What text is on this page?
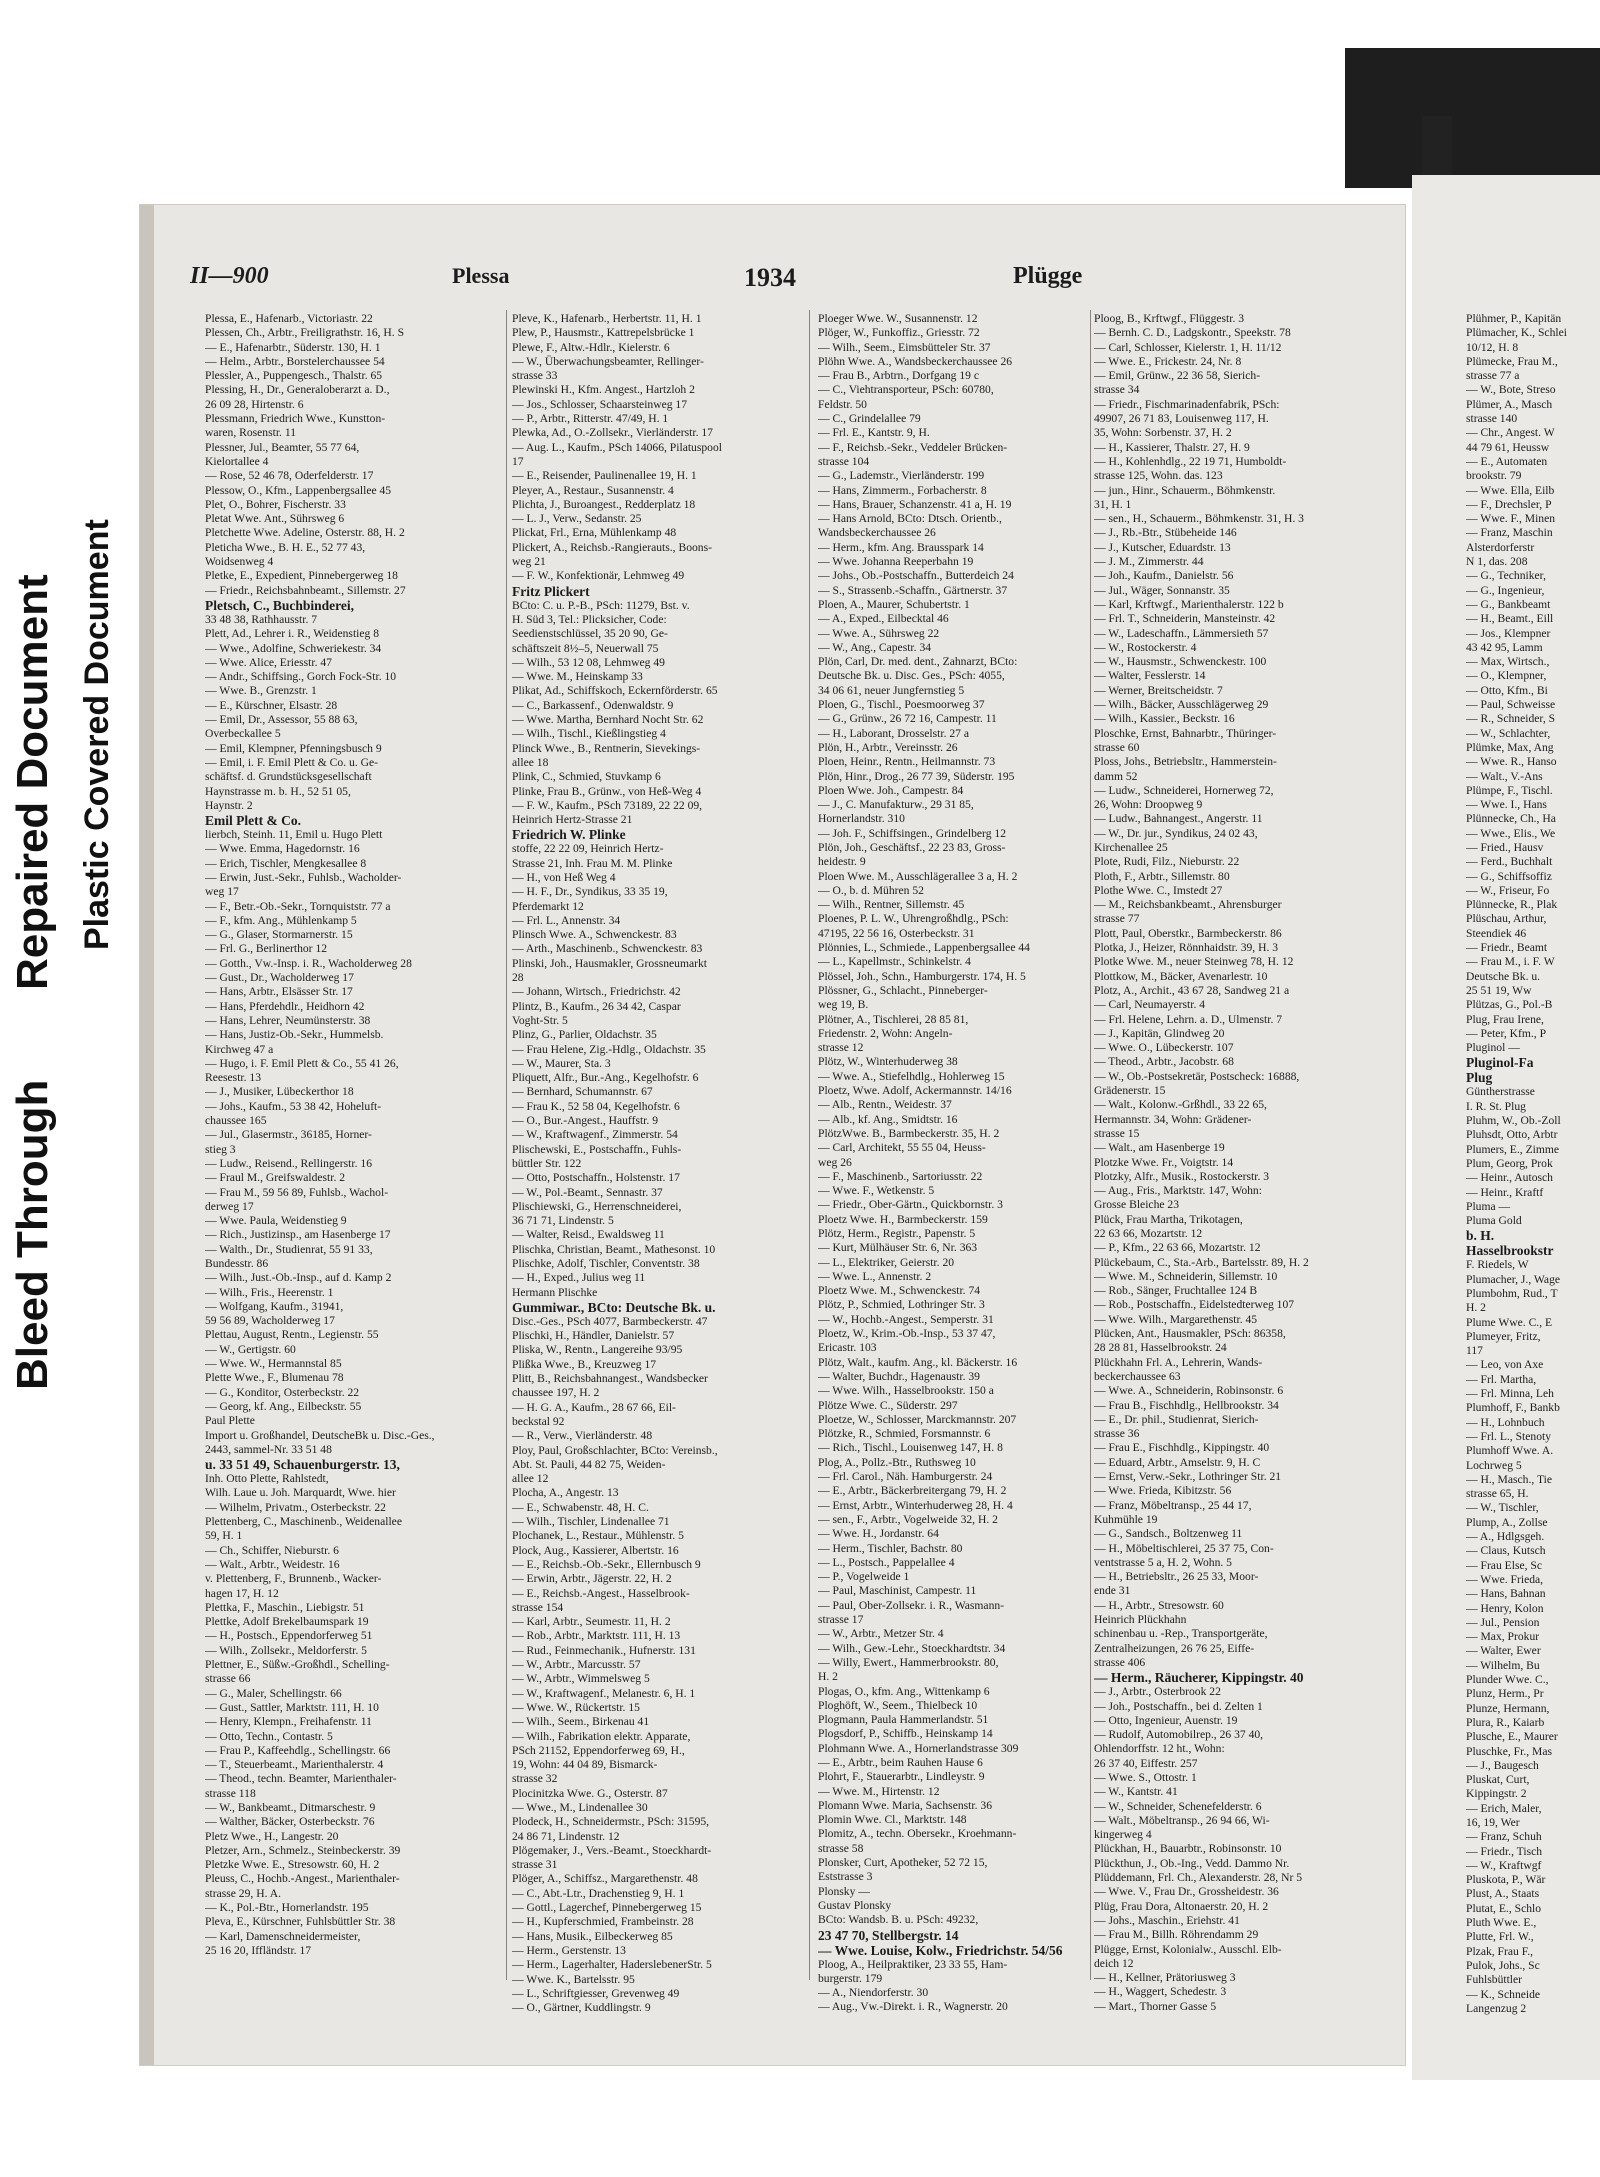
Bleed Through
Repaired Document Plastic Covered Document
II—900	Plessa	1934	Plügge

Plessa, E., Hafenarb., Victoriastr. 22

Plessen, Ch., Arbtr., Freiligrathstr. 16, H. S

— E., Hafenarbtr., Süderstr. 130, H. 1

— Helm., Arbtr., Borstelerchaussee 54

Plessler, A., Puppengesch., Thalstr. 65

Plessing, H., Dr., Generaloberarzt a. D.,

26 09 28, Hirtenstr. 6

Plessmann, Friedrich Wwe., Kunstton-

waren, Rosenstr. 11

Plessner, Jul., Beamter, 55 77 64,

Kielortallee 4

— Rose, 52 46 78, Oderfelderstr. 17

Plessow, O., Kfm., Lappenbergsallee 45

Plet, O., Bohrer, Fischerstr. 33

Pletat Wwe. Ant., Sührsweg 6

Pletchette Wwe. Adeline, Osterstr. 88, H. 2

Pleticha Wwe., B. H. E., 52 77 43,

Woidsenweg 4

Pletke, E., Expedient, Pinnebergerweg 18

— Friedr., Reichsbahnbeamt., Sillemstr. 27

Pletsch, C., Buchbinderei,

33 48 38, Rathhausstr. 7

Plett, Ad., Lehrer i. R., Weidenstieg 8

— Wwe., Adolfine, Schweriekestr. 34

— Wwe. Alice, Eriesstr. 47

— Andr., Schiffsing., Gorch Fock-Str. 10

— Wwe. B., Grenzstr. 1

— E., Kürschner, Elsastr. 28

— Emil, Dr., Assessor, 55 88 63,

Overbeckallee 5

— Emil, Klempner, Pfenningsbusch 9

— Emil, i. F. Emil Plett & Co. u. Ge-

schäftsf. d. Grundstücksgesellschaft

Haynstrasse m. b. H., 52 51 05,

Haynstr. 2

Emil Plett & Co.

lierbch, Steinh. 11, Emil u. Hugo Plett

— Wwe. Emma, Hagedornstr. 16

— Erich, Tischler, Mengkesallee 8

— Erwin, Just.-Sekr., Fuhlsb., Wacholder-

weg 17

— F., Betr.-Ob.-Sekr., Tornquiststr. 77 a

— F., kfm. Ang., Mühlenkamp 5

— G., Glaser, Stormarnerstr. 15

— Frl. G., Berlinerthor 12

— Gotth., Vw.-Insp. i. R., Wacholderweg 28

— Gust., Dr., Wacholderweg 17

— Hans, Arbtr., Elsässer Str. 17

— Hans, Pferdehdlr., Heidhorn 42

— Hans, Lehrer, Neumünsterstr. 38

— Hans, Justiz-Ob.-Sekr., Hummelsb.

Kirchweg 47 a

— Hugo, i. F. Emil Plett & Co., 55 41 26,

Reesestr. 13

— J., Musiker, Lübeckerthor 18

— Johs., Kaufm., 53 38 42, Hoheluft-

chaussee 165

— Jul., Glasermstr., 36185, Horner-

stieg 3

— Ludw., Reisend., Rellingerstr. 16

— Fraul M., Greifswaldestr. 2

— Frau M., 59 56 89, Fuhlsb., Wachol-

derweg 17

— Wwe. Paula, Weidenstieg 9

— Rich., Justizinsp., am Hasenberge 17

— Walth., Dr., Studienrat, 55 91 33,

Bundesstr. 86

— Wilh., Just.-Ob.-Insp., auf d. Kamp 2

— Wilh., Fris., Heerenstr. 1

— Wolfgang, Kaufm., 31941,

59 56 89, Wacholderweg 17

Plettau, August, Rentn., Legienstr. 55

— W., Gertigstr. 60

— Wwe. W., Hermannstal 85

Plette Wwe., F., Blumenau 78

— G., Konditor, Osterbeckstr. 22

— Georg, kf. Ang., Eilbeckstr. 55

Paul Plette

Import u. Großhandel, DeutscheBk u. Disc.-Ges.,

2443, sammel-Nr. 33 51 48

u. 33 51 49, Schauenburgerstr. 13,

Inh. Otto Plette, Rahlstedt,

Wilh. Laue u. Joh. Marquardt, Wwe. hier

— Wilhelm, Privatm., Osterbeckstr. 22

Plettenberg, C., Maschinenb., Weidenallee

59, H. 1

— Ch., Schiffer, Nieburstr. 6

— Walt., Arbtr., Weidestr. 16

v. Plettenberg, F., Brunnenb., Wacker-

hagen 17, H. 12

Plettka, F., Maschin., Liebigstr. 51

Plettke, Adolf Brekelbaumspark 19

— H., Postsch., Eppendorferweg 51

— Wilh., Zollsekr., Meldorferstr. 5

Plettner, E., Süßw.-Großhdl., Schelling-

strasse 66

— G., Maler, Schellingstr. 66

— Gust., Sattler, Marktstr. 111, H. 10

— Henry, Klempn., Freihafenstr. 11

— Otto, Techn., Contastr. 5

— Frau P., Kaffeehdlg., Schellingstr. 66

— T., Steuerbeamt., Marienthalerstr. 4

— Theod., techn. Beamter, Marienthaler-

strasse 118

— W., Bankbeamt., Ditmarschestr. 9

— Walther, Bäcker, Osterbeckstr. 76

Pletz Wwe., H., Langestr. 20

Pletzer, Arn., Schmelz., Steinbeckerstr. 39

Pletzke Wwe. E., Stresowstr. 60, H. 2

Pleuss, C., Hochb.-Angest., Marienthaler-

strasse 29, H. A.

— K., Pol.-Btr., Hornerlandstr. 195

Pleva, E., Kürschner, Fuhlsbüttler Str. 38

— Karl, Damenschneidermeister,

25 16 20, Iffländstr. 17

Pleve, K., Hafenarb., Herbertstr. 11, H. 1

Plew, P., Hausmstr., Kattrepelsbrücke 1

Plewe, F., Altw.-Hdlr., Kielerstr. 6

— W., Überwachungsbeamter, Rellinger-

strasse 33

Plewinski H., Kfm. Angest., Hartzloh 2

— Jos., Schlosser, Schaarsteinweg 17

— P., Arbtr., Ritterstr. 47/49, H. 1

Plewka, Ad., O.-Zollsekr., Vierländerstr. 17

— Aug. L., Kaufm., PSch 14066, Pilatuspool

17

— E., Reisender, Paulinenallee 19, H. 1

Pleyer, A., Restaur., Susannenstr. 4

Plichta, J., Buroangest., Redderplatz 18

— L. J., Verw., Sedanstr. 25

Plickat, Frl., Erna, Mühlenkamp 48

Plickert, A., Reichsb.-Rangierauts., Boons-

weg 21

— F. W., Konfektionär, Lehmweg 49

Fritz Plickert

BCto: C. u. P.-B., PSch: 11279, Bst. v.

H. Süd 3, Tel.: Plicksicher, Code:

Seedienstschlüssel, 35 20 90, Ge-

schäftszeit 8½–5, Neuerwall 75

— Wilh., 53 12 08, Lehmweg 49

— Wwe. M., Heinskamp 33

Plikat, Ad., Schiffskoch, Eckernförderstr. 65

— C., Barkassenf., Odenwaldstr. 9

— Wwe. Martha, Bernhard Nocht Str. 62

— Wilh., Tischl., Kießlingstieg 4

Plinck Wwe., B., Rentnerin, Sievekings-

allee 18

Plink, C., Schmied, Stuvkamp 6

Plinke, Frau B., Grünw., von Heß-Weg 4

— F. W., Kaufm., PSch 73189, 22 22 09,

Heinrich Hertz-Strasse 21

Friedrich W. Plinke

stoffe, 22 22 09, Heinrich Hertz-

Strasse 21, Inh. Frau M. M. Plinke

— H., von Heß Weg 4

— H. F., Dr., Syndikus, 33 35 19,

Pferdemarkt 12

— Frl. L., Annenstr. 34

Plinsch Wwe. A., Schwenckestr. 83

— Arth., Maschinenb., Schwenckestr. 83

Plinski, Joh., Hausmakler, Grossneumarkt

28

— Johann, Wirtsch., Friedrichstr. 42

Plintz, B., Kaufm., 26 34 42, Caspar

Voght-Str. 5

Plinz, G., Parlier, Oldachstr. 35

— Frau Helene, Zig.-Hdlg., Oldachstr. 35

— W., Maurer, Sta. 3

Pliquett, Alfr., Bur.-Ang., Kegelhofstr. 6

— Bernhard, Schumannstr. 67

— Frau K., 52 58 04, Kegelhofstr. 6

— O., Bur.-Angest., Hauffstr. 9

— W., Kraftwagenf., Zimmerstr. 54

Plischewski, E., Postschaffn., Fuhls-

büttler Str. 122

— Otto, Postschaffn., Holstenstr. 17

— W., Pol.-Beamt., Sennastr. 37

Plischiewski, G., Herrenschneiderei,

36 71 71, Lindenstr. 5

— Walter, Reisd., Ewaldsweg 11

Plischka, Christian, Beamt., Mathesonst. 10

Plischke, Adolf, Tischler, Conventstr. 38

— H., Exped., Julius weg 11

Hermann Plischke

Gummiwar., BCto: Deutsche Bk. u.

Disc.-Ges., PSch 4077, Barmbeckerstr. 47

Plischki, H., Händler, Danielstr. 57

Pliska, W., Rentn., Langereihe 93/95

Plißka Wwe., B., Kreuzweg 17

Plitt, B., Reichsbahnangest., Wandsbecker

chaussee 197, H. 2

— H. G. A., Kaufm., 28 67 66, Eil-

beckstal 92

— R., Verw., Vierländerstr. 48

Ploy, Paul, Großschlachter, BCto: Vereinsb.,

Abt. St. Pauli, 44 82 75, Weiden-

allee 12

Plocha, A., Angestr. 13

— E., Schwabenstr. 48, H. C.

— Wilh., Tischler, Lindenallee 71

Plochanek, L., Restaur., Mühlenstr. 5

Plock, Aug., Kassierer, Albertstr. 16

— E., Reichsb.-Ob.-Sekr., Ellernbusch 9

— Erwin, Arbtr., Jägerstr. 22, H. 2

— E., Reichsb.-Angest., Hasselbrook-

strasse 154

— Karl, Arbtr., Seumestr. 11, H. 2

— Rob., Arbtr., Marktstr. 111, H. 13

— Rud., Feinmechanik., Hufnerstr. 131

— W., Arbtr., Marcusstr. 57

— W., Arbtr., Wimmelsweg 5

— W., Kraftwagenf., Melanestr. 6, H. 1

— Wwe. W., Rückertstr. 15

— Wilh., Seem., Birkenau 41

— Wilh., Fabrikation elektr. Apparate,

PSch 21152, Eppendorferweg 69, H.,

19, Wohn: 44 04 89, Bismarck-

strasse 32

Plocinitzka Wwe. G., Osterstr. 87

— Wwe., M., Lindenallee 30

Plodeck, H., Schneidermstr., PSch: 31595,

24 86 71, Lindenstr. 12

Plögemaker, J., Vers.-Beamt., Stoeckhardt-

strasse 31

Plöger, A., Schiffsz., Margarethenstr. 48

— C., Abt.-Ltr., Drachenstieg 9, H. 1

— Gottl., Lagerchef, Pinnebergerweg 15

— H., Kupferschmied, Frambeinstr. 28

— Hans, Musik., Eilbeckerweg 85

— Herm., Gerstenstr. 13

— Herm., Lagerhalter, HaderslebenerStr. 5

— Wwe. K., Bartelsstr. 95

— L., Schriftgiesser, Grevenweg 49

— O., Gärtner, Kuddlingstr. 9

Ploeger Wwe. W., Susannenstr. 12

Plöger, W., Funkoffiz., Griesstr. 72

— Wilh., Seem., Eimsbütteler Str. 37

Plöhn Wwe. A., Wandsbeckerchaussee 26

— Frau B., Arbtrn., Dorfgang 19 c

— C., Viehtransporteur, PSch: 60780,

Feldstr. 50

— C., Grindelallee 79

— Frl. E., Kantstr. 9, H.

— F., Reichsb.-Sekr., Veddeler Brücken-

strasse 104

— G., Lademstr., Vierländerstr. 199

— Hans, Zimmerm., Forbacherstr. 8

— Hans, Brauer, Schanzenstr. 41 a, H. 19

— Hans Arnold, BCto: Dtsch. Orientb.,

Wandsbeckerchaussee 26

— Herm., kfm. Ang. Brausspark 14

— Wwe. Johanna Reeperbahn 19

— Johs., Ob.-Postschaffn., Butterdeich 24

— S., Strassenb.-Schaffn., Gärtnerstr. 37

Ploen, A., Maurer, Schubertstr. 1

— A., Exped., Eilbecktal 46

— Wwe. A., Sührsweg 22

— W., Ang., Capestr. 34

Plön, Carl, Dr. med. dent., Zahnarzt, BCto:

Deutsche Bk. u. Disc. Ges., PSch: 4055,

34 06 61, neuer Jungfernstieg 5

Ploen, G., Tischl., Poesmoorweg 37

— G., Grünw., 26 72 16, Campestr. 11

— H., Laborant, Drosselstr. 27 a

Plön, H., Arbtr., Vereinsstr. 26

Ploen, Heinr., Rentn., Heilmannstr. 73

Plön, Hinr., Drog., 26 77 39, Süderstr. 195

Ploen Wwe. Joh., Campestr. 84

— J., C. Manufakturw., 29 31 85,

Hornerlandstr. 310

— Joh. F., Schiffsingen., Grindelberg 12

Plön, Joh., Geschäftsf., 22 23 83, Gross-

heidestr. 9

Ploen Wwe. M., Ausschlägerallee 3 a, H. 2

— O., b. d. Mühren 52

— Wilh., Rentner, Sillemstr. 45

Ploenes, P. L. W., Uhrengroßhdlg., PSch:

47195, 22 56 16, Osterbeckstr. 31

Plönnies, L., Schmiede., Lappenbergsallee 44

— L., Kapellmstr., Schinkelstr. 4

Plössel, Joh., Schn., Hamburgerstr. 174, H. 5

Plössner, G., Schlacht., Pinneberger-

weg 19, B.

Plötner, A., Tischlerei, 28 85 81,

Friedenstr. 2, Wohn: Angeln-

strasse 12

Plötz, W., Winterhuderweg 38

— Wwe. A., Stiefelhdlg., Hohlerweg 15

Ploetz, Wwe. Adolf, Ackermannstr. 14/16

— Alb., Rentn., Weidestr. 37

— Alb., kf. Ang., Smidtstr. 16

PlötzWwe. B., Barmbeckerstr. 35, H. 2

— Carl, Architekt, 55 55 04, Heuss-

weg 26

— F., Maschinenb., Sartoriusstr. 22

— Wwe. F., Wetkenstr. 5

— Friedr., Ober-Gärtn., Quickbornstr. 3

Ploetz Wwe. H., Barmbeckerstr. 159

Plötz, Herm., Registr., Papenstr. 5

— Kurt, Mülhäuser Str. 6, Nr. 363

— L., Elektriker, Geierstr. 20

— Wwe. L., Annenstr. 2

Ploetz Wwe. M., Schwenckestr. 74

Plötz, P., Schmied, Lothringer Str. 3

— W., Hochb.-Angest., Semperstr. 31

Ploetz, W., Krim.-Ob.-Insp., 53 37 47,

Ericastr. 103

Plötz, Walt., kaufm. Ang., kl. Bäckerstr. 16

— Walter, Buchdr., Hagenaustr. 39

— Wwe. Wilh., Hasselbrookstr. 150 a

Plötze Wwe. C., Süderstr. 297

Ploetze, W., Schlosser, Marckmannstr. 207

Plötzke, R., Schmied, Forsmannstr. 6

— Rich., Tischl., Louisenweg 147, H. 8

Plog, A., Pollz.-Btr., Ruthsweg 10

— Frl. Carol., Näh. Hamburgerstr. 24

— E., Arbtr., Bäckerbreitergang 79, H. 2

— Ernst, Arbtr., Winterhuderweg 28, H. 4

— sen., F., Arbtr., Vogelweide 32, H. 2

— Wwe. H., Jordanstr. 64

— Herm., Tischler, Bachstr. 80

— L., Postsch., Pappelallee 4

— P., Vogelweide 1

— Paul, Maschinist, Campestr. 11

— Paul, Ober-Zollsekr. i. R., Wasmann-

strasse 17

— W., Arbtr., Metzer Str. 4

— Wilh., Gew.-Lehr., Stoeckhardtstr. 34

— Willy, Ewert., Hammerbrookstr. 80,

H. 2

Plogas, O., kfm. Ang., Wittenkamp 6

Ploghöft, W., Seem., Thielbeck 10

Plogmann, Paula Hammerlandstr. 51

Plogsdorf, P., Schiffb., Heinskamp 14

Plohmann Wwe. A., Hornerlandstrasse 309

— E., Arbtr., beim Rauhen Hause 6

Plohrt, F., Stauerarbtr., Lindleystr. 9

— Wwe. M., Hirtenstr. 12

Plomann Wwe. Maria, Sachsenstr. 36

Plomin Wwe. Cl., Marktstr. 148

Plomitz, A., techn. Obersekr., Kroehmann-

strasse 58

Plonsker, Curt, Apotheker, 52 72 15,

Eststrasse 3

Plonsky —

Gustav Plonsky

BCto: Wandsb. B. u. PSch: 49232,

23 47 70, Stellbergstr. 14

— Wwe. Louise, Kolw., Friedrichstr. 54/56

Ploog, A., Heilpraktiker, 23 33 55, Ham-

burgerstr. 179

— A., Niendorferstr. 30

— Aug., Vw.-Direkt. i. R., Wagnerstr. 20

Ploog, B., Krftwgf., Flüggestr. 3

— Bernh. C. D., Ladgskontr., Speekstr. 78

— Carl, Schlosser, Kielerstr. 1, H. 11/12

— Wwe. E., Frickestr. 24, Nr. 8

— Emil, Grünw., 22 36 58, Sierich-

strasse 34

— Friedr., Fischmarinadenfabrik, PSch:

49907, 26 71 83, Louisenweg 117, H.

35, Wohn: Sorbenstr. 37, H. 2

— H., Kassierer, Thalstr. 27, H. 9

— H., Kohlenhdlg., 22 19 71, Humboldt-

strasse 125, Wohn. das. 123

— jun., Hinr., Schauerm., Böhmkenstr.

31, H. 1

— sen., H., Schauerm., Böhmkenstr. 31, H. 3

— J., Rb.-Btr., Stübeheide 146

— J., Kutscher, Eduardstr. 13

— J. M., Zimmerstr. 44

— Joh., Kaufm., Danielstr. 56

— Jul., Wäger, Sonnanstr. 35

— Karl, Krftwgf., Marienthalerstr. 122 b

— Frl. T., Schneiderin, Mansteinstr. 42

— W., Ladeschaffn., Lämmersieth 57

— W., Rostockerstr. 4

— W., Hausmstr., Schwenckestr. 100

— Walter, Fesslerstr. 14

— Werner, Breitscheidstr. 7

— Wilh., Bäcker, Ausschlägerweg 29

— Wilh., Kassier., Beckstr. 16

Ploschke, Ernst, Bahnarbtr., Thüringer-

strasse 60

Ploss, Johs., Betriebsltr., Hammerstein-

damm 52

— Ludw., Schneiderei, Hornerweg 72,

26, Wohn: Droopweg 9

— Ludw., Bahnangest., Angerstr. 11

— W., Dr. jur., Syndikus, 24 02 43,

Kirchenallee 25

Plote, Rudi, Filz., Nieburstr. 22

Ploth, F., Arbtr., Sillemstr. 80

Plothe Wwe. C., Imstedt 27

— M., Reichsbankbeamt., Ahrensburger

strasse 77

Plott, Paul, Oberstkr., Barmbeckerstr. 86

Plotka, J., Heizer, Rönnhaidstr. 39, H. 3

Plotke Wwe. M., neuer Steinweg 78, H. 12

Plottkow, M., Bäcker, Avenarlestr. 10

Plotz, A., Archit., 43 67 28, Sandweg 21 a

— Carl, Neumayerstr. 4

— Frl. Helene, Lehrn. a. D., Ulmenstr. 7

— J., Kapitän, Glindweg 20

— Wwe. O., Lübeckerstr. 107

— Theod., Arbtr., Jacobstr. 68

— W., Ob.-Postsekretär, Postscheck: 16888,

Grädenerstr. 15

— Walt., Kolonw.-Grßhdl., 33 22 65,

Hermannstr. 34, Wohn: Grädener-

strasse 15

— Walt., am Hasenberge 19

Plotzke Wwe. Fr., Voigtstr. 14

Plotzky, Alfr., Musik., Rostockerstr. 3

— Aug., Fris., Marktstr. 147, Wohn:

Grosse Bleiche 23

Plück, Frau Martha, Trikotagen,

22 63 66, Mozartstr. 12

— P., Kfm., 22 63 66, Mozartstr. 12

Plückebaum, C., Sta.-Arb., Bartelsstr. 89, H. 2

— Wwe. M., Schneiderin, Sillemstr. 10

— Rob., Sänger, Fruchtallee 124 B

— Rob., Postschaffn., Eidelstedterweg 107

— Wwe. Wilh., Margarethenstr. 45

Plücken, Ant., Hausmakler, PSch: 86358,

28 28 81, Hasselbrookstr. 24

Plückhahn Frl. A., Lehrerin, Wands-

beckerchaussee 63

— Wwe. A., Schneiderin, Robinsonstr. 6

— Frau B., Fischhdlg., Hellbrookstr. 34

— E., Dr. phil., Studienrat, Sierich-

strasse 36

— Frau E., Fischhdlg., Kippingstr. 40

— Eduard, Arbtr., Amselstr. 9, H. C

— Ernst, Verw.-Sekr., Lothringer Str. 21

— Wwe. Frieda, Kibitzstr. 56

— Franz, Möbeltransp., 25 44 17,

Kuhmühle 19

— G., Sandsch., Boltzenweg 11

— H., Möbeltischlerei, 25 37 75, Con-

ventstrasse 5 a, H. 2, Wohn. 5

— H., Betriebsltr., 26 25 33, Moor-

ende 31

— H., Arbtr., Stresowstr. 60

Heinrich Plückhahn

schinenbau u. -Rep., Transportgeräte,

Zentralheizungen, 26 76 25, Eiffe-

strasse 406

— Herm., Räucherer, Kippingstr. 40

— J., Arbtr., Osterbrook 22

— Joh., Postschaffn., bei d. Zelten 1

— Otto, Ingenieur, Auenstr. 19

— Rudolf, Automobilrep., 26 37 40,

Ohlendorffstr. 12 ht., Wohn:

26 37 40, Eiffestr. 257

— Wwe. S., Ottostr. 1

— W., Kantstr. 41

— W., Schneider, Schenefelderstr. 6

— Walt., Möbeltransp., 26 94 66, Wi-

kingerweg 4

Plückhan, H., Bauarbtr., Robinsonstr. 10

Plückthun, J., Ob.-Ing., Vedd. Dammo Nr.

Plüddemann, Frl. Ch., Alexanderstr. 28, Nr 5

— Wwe. V., Frau Dr., Grossheidestr. 36

Plüg, Frau Dora, Altonaerstr. 20, H. 2

— Johs., Maschin., Eriehstr. 41

— Frau M., Billh. Röhrendamm 29

Plügge, Ernst, Kolonialw., Ausschl. Elb-

deich 12

— H., Kellner, Prätoriusweg 3

— H., Waggert, Schedestr. 3

— Mart., Thorner Gasse 5

Plühmer, P., Kapitän

Plümacher, K., Schlei

10/12, H. 8

Plümecke, Frau M.,

strasse 77 a

— W., Bote, Streso

Plümer, A., Masch

strasse 140

— Chr., Angest. W

44 79 61, Heussw

— E., Automaten

brookstr. 79

— Wwe. Ella, Eilb

— F., Drechsler, P

— Wwe. F., Minen

— Franz, Maschin

Alsterdorferstr

N 1, das. 208

— G., Techniker,

— G., Ingenieur,

— G., Bankbeamt

— H., Beamt., Eill

— Jos., Klempner

43 42 95, Lamm

— Max, Wirtsch.,

— O., Klempner,

— Otto, Kfm., Bi

— Paul, Schweisse

— R., Schneider, S

— W., Schlachter,

Plümke, Max, Ang

— Wwe. R., Hanso

— Walt., V.-Ans

Plümpe, F., Tischl.

— Wwe. I., Hans

Plünnecke, Ch., Ha

— Wwe., Elis., We

— Fried., Hausv

— Ferd., Buchhalt

— G., Schiffsoffiz

— W., Friseur, Fo

Plünnecke, R., Plak

Plüschau, Arthur,

Steendiek 46

— Friedr., Beamt

— Frau M., i. F. W

Deutsche Bk. u.

25 51 19, Ww

Plützas, G., Pol.-B

Plug, Frau Irene,

— Peter, Kfm., P

Pluginol —

Pluginol-Fa

Plug

Güntherstrasse

I. R. St. Plug

Pluhm, W., Ob.-Zoll

Pluhsdt, Otto, Arbtr

Plumers, E., Zimme

Plum, Georg, Prok

— Heinr., Autosch

— Heinr., Kraftf

Pluma —

Pluma Gold

b. H.

Hasselbrookstr

F. Riedels, W

Plumacher, J., Wage

Plumbohm, Rud., T

H. 2

Plume Wwe. C., E

Plumeyer, Fritz,

117

— Leo, von Axe

— Frl. Martha,

— Frl. Minna, Leh

Plumhoff, F., Bankb

— H., Lohnbuch

— Frl. L., Stenoty

Plumhoff Wwe. A.

Lochrweg 5

— H., Masch., Tie

strasse 65, H.

— W., Tischler,

Plump, A., Zollse

— A., Hdlgsgeh.

— Claus, Kutsch

— Frau Else, Sc

— Wwe. Frieda,

— Hans, Bahnan

— Henry, Kolon

— Jul., Pension

— Max, Prokur

— Walter, Ewer

— Wilhelm, Bu

Plunder Wwe. C.,

Plunz, Herm., Pr

Plunze, Hermann,

Plura, R., Kaiarb

Plusche, E., Maurer

Pluschke, Fr., Mas

— J., Baugesch

Pluskat, Curt,

Kippingstr. 2

— Erich, Maler,

16, 19, Wer

— Franz, Schuh

— Friedr., Tisch

— W., Kraftwgf

Pluskota, P., Wär

Plust, A., Staats

Plutat, E., Schlo

Pluth Wwe. E.,

Plutte, Frl. W.,

Plzak, Frau F.,

Pulok, Johs., Sc

Fuhlsbüttler

— K., Schneide

Langenzug 2
